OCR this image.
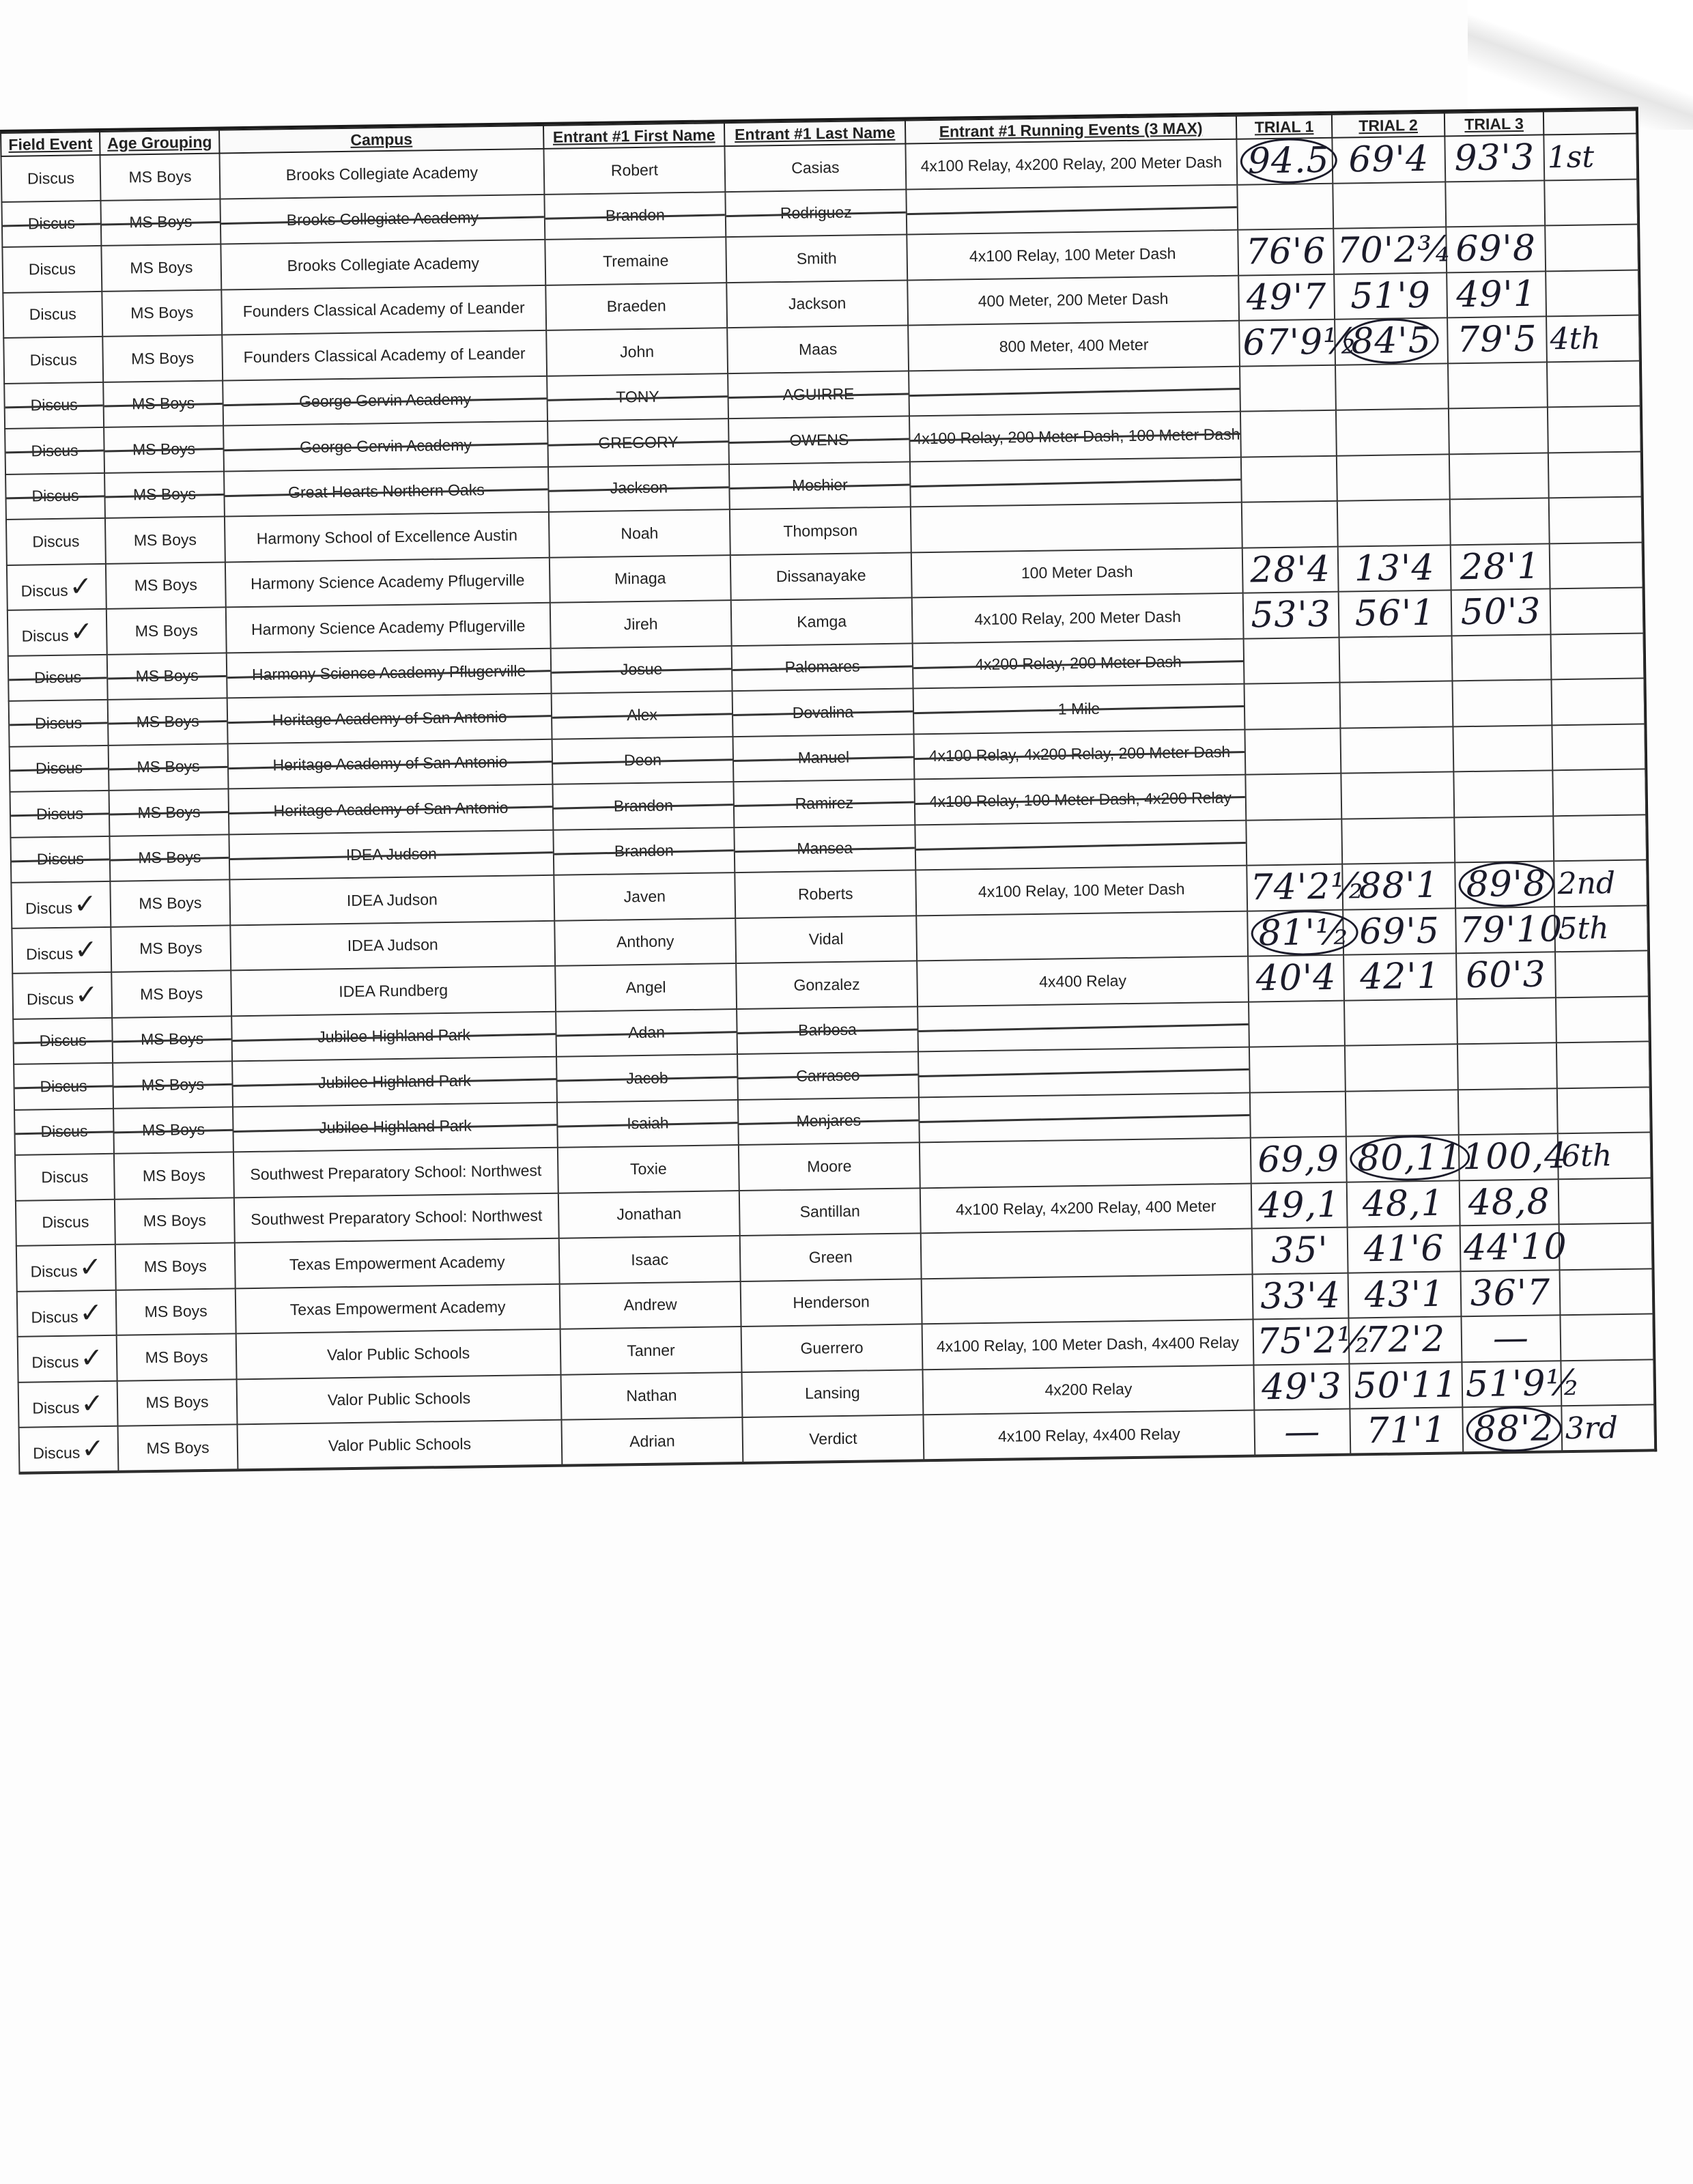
Field Event	Age Grouping	Campus	Entrant #1 First Name	Entrant #1 Last Name	Entrant #1 Running Events (3 MAX)	TRIAL 1	TRIAL 2	TRIAL 3	
Discus	MS Boys	Brooks Collegiate Academy	Robert	Casias	4x100 Relay, 4x200 Relay, 200 Meter Dash	94.5	69'4	93'3	1st
Discus	MS Boys	Brooks Collegiate Academy	Brandon	Rodriguez

Discus	MS Boys	Brooks Collegiate Academy	Tremaine	Smith	4x100 Relay, 100 Meter Dash	76'6	70'2¾	69'8	
Discus	MS Boys	Founders Classical Academy of Leander	Braeden	Jackson	400 Meter, 200 Meter Dash	49'7	51'9	49'1	
Discus	MS Boys	Founders Classical Academy of Leander	John	Maas	800 Meter, 400 Meter	67'9½	84'5	79'5	4th
Discus	MS Boys	George Gervin Academy	TONY	AGUIRRE

Discus	MS Boys	George Gervin Academy	GREGORY	OWENS	4x100 Relay, 200 Meter Dash, 100 Meter Dash

Discus	MS Boys	Great Hearts Northern Oaks	Jackson	Moshier

Discus	MS Boys	Harmony School of Excellence Austin	Noah	Thompson					
Discus✓	MS Boys	Harmony Science Academy Pflugerville	Minaga	Dissanayake	100 Meter Dash	28'4	13'4	28'1	
Discus✓	MS Boys	Harmony Science Academy Pflugerville	Jireh	Kamga	4x100 Relay, 200 Meter Dash	53'3	56'1	50'3	
Discus	MS Boys	Harmony Science Academy Pflugerville	Josue	Palomares	4x200 Relay, 200 Meter Dash

Discus	MS Boys	Heritage Academy of San Antonio	Alex	Dovalina	1 Mile

Discus	MS Boys	Heritage Academy of San Antonio	Deon	Manuel	4x100 Relay, 4x200 Relay, 200 Meter Dash

Discus	MS Boys	Heritage Academy of San Antonio	Brandon	Ramirez	4x100 Relay, 100 Meter Dash, 4x200 Relay

Discus	MS Boys	IDEA Judson	Brandon	Mansea

Discus✓	MS Boys	IDEA Judson	Javen	Roberts	4x100 Relay, 100 Meter Dash	74'2½	88'1	89'8	2nd
Discus✓	MS Boys	IDEA Judson	Anthony	Vidal		81'½	69'5	79'10	5th
Discus✓	MS Boys	IDEA Rundberg	Angel	Gonzalez	4x400 Relay	40'4	42'1	60'3	
Discus	MS Boys	Jubilee Highland Park	Adan	Barbosa

Discus	MS Boys	Jubilee Highland Park	Jacob	Carrasco

Discus	MS Boys	Jubilee Highland Park	Isaiah	Menjares

Discus	MS Boys	Southwest Preparatory School: Northwest	Toxie	Moore		69,9	80,11	100,4	6th
Discus	MS Boys	Southwest Preparatory School: Northwest	Jonathan	Santillan	4x100 Relay, 4x200 Relay, 400 Meter	49,1	48,1	48,8	
Discus✓	MS Boys	Texas Empowerment Academy	Isaac	Green		35'	41'6	44'10	
Discus✓	MS Boys	Texas Empowerment Academy	Andrew	Henderson		33'4	43'1	36'7	
Discus✓	MS Boys	Valor Public Schools	Tanner	Guerrero	4x100 Relay, 100 Meter Dash, 4x400 Relay	75'2½	72'2	—	
Discus✓	MS Boys	Valor Public Schools	Nathan	Lansing	4x200 Relay	49'3	50'11	51'9½	
Discus✓	MS Boys	Valor Public Schools	Adrian	Verdict	4x100 Relay, 4x400 Relay	—	71'1	88'2	3rd
